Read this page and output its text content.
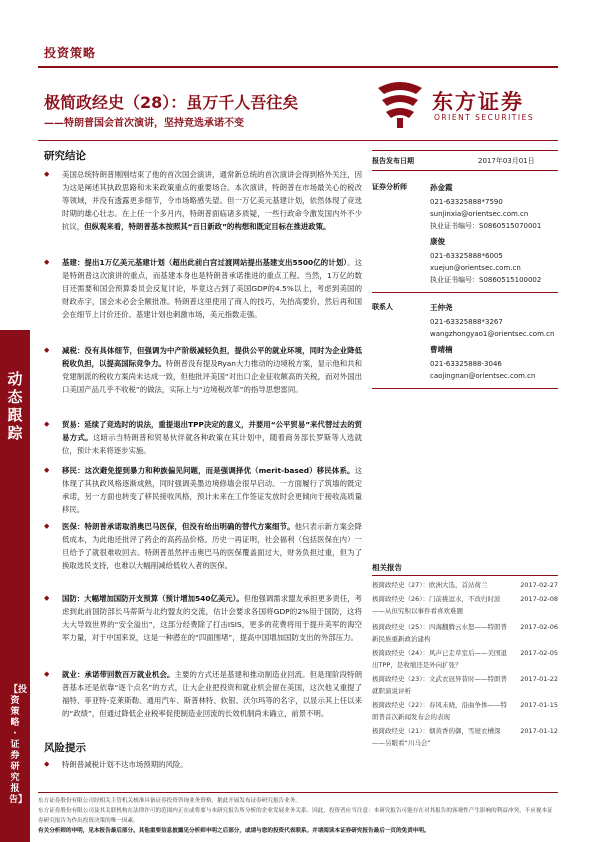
投资策略
极简政经史（28）：虽万千人吾往矣
——特朗普国会首次演讲，坚持竞选承诺不变
东方证券
ORIENT SECURITIES
动态跟踪
【投资策略·证券研究报告】
研究结论
◆ 美国总统特朗普刚刚结束了他的首次国会演讲，通常新总统的首次演讲会得到格外关注，因为这是阐述其执政思路和未来政策重点的重要场合。本次演讲，特朗普在市场最关心的税改等领域，并没有透露更多细节，令市场略感失望。但一万亿美元基建计划，依然体现了竞选时期的雄心壮志。在上任一个多月内，特朗普面临诸多质疑，一些行政命令激发国内外不少抗议，但纵观来看，特朗普基本按照其“百日新政”的构想和既定目标在推进政策。
◆ 基建：提出1万亿美元基建计划（超出此前白宫过渡网站提出基建支出5500亿的计划）。这是特朗普这次演讲的重点，而基建本身也是特朗普承诺推进的重点工程。当然，1万亿的数目还需要和国会预算委员会反复讨论，毕竟这占到了美国GDP的4.5%以上，考虑到美国的财政赤字，国会未必会全额批准。特朗普这里使用了商人的技巧，先抬高要价，然后再和国会在细节上讨价还价。基建计划也刺激市场，美元指数走强。
◆ 减税：没有具体细节，但强调为中产阶级减轻负担，提供公平的就业环境，同时为企业降低税收负担，以提高国际竞争力。特朗普没有提及Ryan大力推动的边境税方案，显示他和共和党建制派的税收方案尚未达成一致，但他批评美国“对出口企业征收额高的关税，而对外国出口美国产品几乎不收税”的做法，实际上与“边境税改革”的指导思想雷同。
◆ 贸易：延续了竞选时的说法，重提退出TPP决定的意义，并要用“公平贸易”来代替过去的贸易方式。这暗示当特朗普和贸易伙伴就各种政策在其计划中，随着商务部长罗斯等人选就位，预计未来将逐步实施。
◆ 移民：这次避免提到暴力和种族偏见问题，而是强调择优（merit-based）移民体系。这体现了其执政风格逐渐成熟，同时强调美墨边境修墙会很早启动。一方面履行了筑墙的既定承诺，另一方面也转变了移民接收风格，预计未来在工作签证发放时会更倾向于接收高质量移民。
◆ 医保：特朗普承诺取消奥巴马医保，但没有给出明确的替代方案细节。他只表示新方案会降低成本，为此他还批评了药企的高药品价格。历史一再证明，社会福利（包括医保在内）一旦给予了就很难收回去。特朗普虽然抨击奥巴马的医保覆盖面过大，财务负担过重，但为了换取选民支持，也难以大幅削减给低收入者的医保。
◆ 国防：大幅增加国防开支预算（预计增加540亿美元）。但他强调需求盟友承担更多责任，考虑到此前国防部长马蒂斯与北约盟友的交流，估计会要求各国将GDP的2%用于国防，这将大大导致世界的“安全溢出”，这部分经费除了打击ISIS，更多的花费将用于提升美军的海空军力量，对于中国来说，这是一种潜在的“四面围堵”，提高中国增加国防支出的外部压力。
◆ 就业：承诺带回数百万就业机会。主要的方式还是基建和推动制造业回流。但是现阶段特朗普基本还是依靠“逐个点名”的方式，让大企业把投资和就业机会留在美国，这次他又重提了福特、菲亚特-克莱斯勒、通用汽车、斯普林特、软银、沃尔玛等的名字，以显示其上任以来的“政绩”，但通过降低企业税率促使制造业回流的长效机制尚未确立，前景不明。
风险提示
◆ 特朗普减税计划不达市场预期的风险。
报告发布日期	2017年03月01日
证券分析师	孙金霞
021-63325888*7590
sunjinxia@orientsec.com.cn
执业证书编号：S0860515070001
康俊
021-63325888*6005
xuejun@orientsec.com.cn
执业证书编号：S0860515100002
联系人	王仲尧
021-63325888*3267
wangzhongyao1@orientsec.com.cn
曹靖楠
021-63325888-3046
caojingnan@orientsec.com.cn
相关报告
极简政经史（27）：欧洲大选，首站荷兰	2017-02-27
极简政经史（26）：门前挑逗水，不改归时波——从但究积以事件看喜欢难题
2017-02-08
极简政经史（25）：四海翻腾云水怒——特朗普新民族重新政治建构
2017-02-06
极简政经史（24）：风声已走草室后——美国退出TPP，是收缩还是外向扩张？
2017-02-05
极简政经史（23）：文武衣冠异昔时——特朗普就职演说评析
2017-01-22
极简政经史（22）：春风未晓，沿曲争体——特朗普首次新闻发布会的表现
2017-01-15
极简政经史（21）：烟黄香的御，雪屋衣槽深——另眼看“川马会”
2017-01-12
东方证券股份有限公司经相关主管机关核准具备证券投资咨询业务资格，据此开展发布证券研究报告业务。
东方证券股份有限公司及其关联机构在法律许可的范围内正在或将要与本研究报告所分析的企业发展业务关系。因此，投资者应当注意：本研究报告可能存在对其报告的客观性产生影响的利益冲突，不应视本证券研究报告为作出投资决策的唯一因素。
有关分析师的申明，见本报告最后部分。其他重要信息披露见分析师申明之后部分，或请与您的投资代表联系。并请阅读本证券研究报告最后一页的免责申明。
